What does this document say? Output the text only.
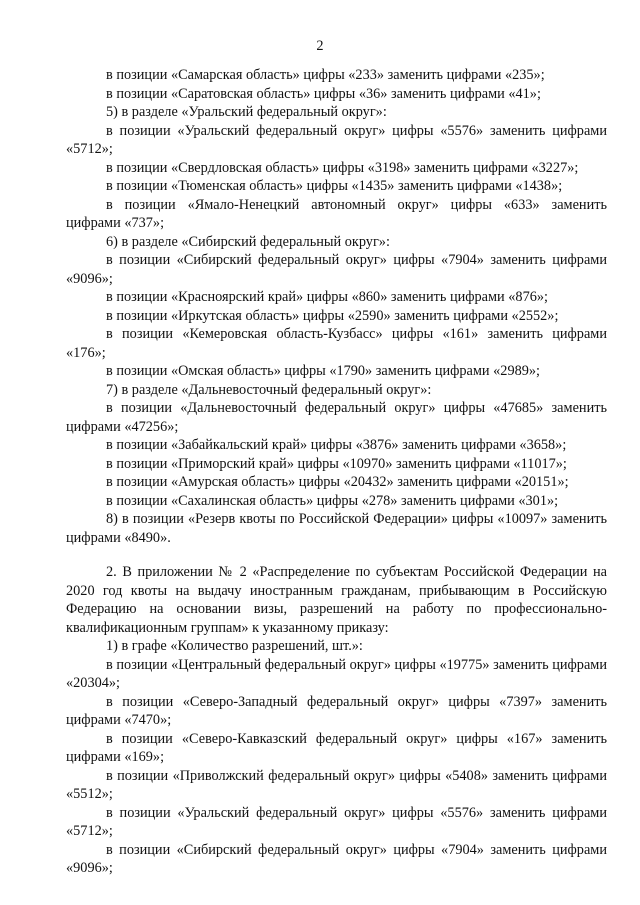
2

в позиции «Самарская область» цифры «233» заменить цифрами «235»;

в позиции «Саратовская область» цифры «36» заменить цифрами «41»;

5) в разделе «Уральский федеральный округ»:

в позиции «Уральский федеральный округ» цифры «5576» заменить цифрами «5712»;

в позиции «Свердловская область» цифры «3198» заменить цифрами «3227»;

в позиции «Тюменская область» цифры «1435» заменить цифрами «1438»;

в позиции «Ямало-Ненецкий автономный округ» цифры «633» заменить цифрами «737»;

6) в разделе «Сибирский федеральный округ»:

в позиции «Сибирский федеральный округ» цифры «7904» заменить цифрами «9096»;

в позиции «Красноярский край» цифры «860» заменить цифрами «876»;

в позиции «Иркутская область» цифры «2590» заменить цифрами «2552»;

в позиции «Кемеровская область-Кузбасс» цифры «161» заменить цифрами «176»;

в позиции «Омская область» цифры «1790» заменить цифрами «2989»;

7) в разделе «Дальневосточный федеральный округ»:

в позиции «Дальневосточный федеральный округ» цифры «47685» заменить цифрами «47256»;

в позиции «Забайкальский край» цифры «3876» заменить цифрами «3658»;

в позиции «Приморский край» цифры «10970» заменить цифрами «11017»;

в позиции «Амурская область» цифры «20432» заменить цифрами «20151»;

в позиции «Сахалинская область» цифры «278» заменить цифрами «301»;

8) в позиции «Резерв квоты по Российской Федерации» цифры «10097» заменить цифрами «8490».

2. В приложении № 2 «Распределение по субъектам Российской Федерации на 2020 год квоты на выдачу иностранным гражданам, прибывающим в Российскую Федерацию на основании визы, разрешений на работу по профессионально-квалификационным группам» к указанному приказу:

1) в графе «Количество разрешений, шт.»:

в позиции «Центральный федеральный округ» цифры «19775» заменить цифрами «20304»;

в позиции «Северо-Западный федеральный округ» цифры «7397» заменить цифрами «7470»;

в позиции «Северо-Кавказский федеральный округ» цифры «167» заменить цифрами «169»;

в позиции «Приволжский федеральный округ» цифры «5408» заменить цифрами «5512»;

в позиции «Уральский федеральный округ» цифры «5576» заменить цифрами «5712»;

в позиции «Сибирский федеральный округ» цифры «7904» заменить цифрами «9096»;
